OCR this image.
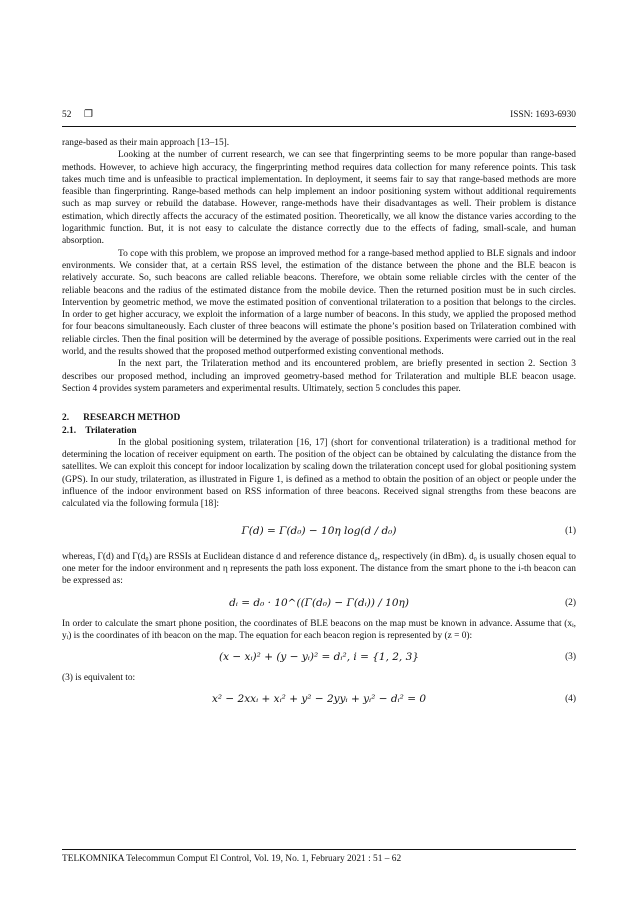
52 ❐	ISSN: 1693-6930

range-based as their main approach [13–15].

Looking at the number of current research, we can see that fingerprinting seems to be more popular than range-based methods. However, to achieve high accuracy, the fingerprinting method requires data collection for many reference points. This task takes much time and is unfeasible to practical implementation. In deployment, it seems fair to say that range-based methods are more feasible than fingerprinting. Range-based methods can help implement an indoor positioning system without additional requirements such as map survey or rebuild the database. However, range-methods have their disadvantages as well. Their problem is distance estimation, which directly affects the accuracy of the estimated position. Theoretically, we all know the distance varies according to the logarithmic function. But, it is not easy to calculate the distance correctly due to the effects of fading, small-scale, and human absorption.

To cope with this problem, we propose an improved method for a range-based method applied to BLE signals and indoor environments. We consider that, at a certain RSS level, the estimation of the distance between the phone and the BLE beacon is relatively accurate. So, such beacons are called reliable beacons. Therefore, we obtain some reliable circles with the center of the reliable beacons and the radius of the estimated distance from the mobile device. Then the returned position must be in such circles. Intervention by geometric method, we move the estimated position of conventional trilateration to a position that belongs to the circles. In order to get higher accuracy, we exploit the information of a large number of beacons. In this study, we applied the proposed method for four beacons simultaneously. Each cluster of three beacons will estimate the phone’s position based on Trilateration combined with reliable circles. Then the final position will be determined by the average of possible positions. Experiments were carried out in the real world, and the results showed that the proposed method outperformed existing conventional methods.

In the next part, the Trilateration method and its encountered problem, are briefly presented in section 2. Section 3 describes our proposed method, including an improved geometry-based method for Trilateration and multiple BLE beacon usage. Section 4 provides system parameters and experimental results. Ultimately, section 5 concludes this paper.

2.      RESEARCH METHOD

2.1.    Trilateration

In the global positioning system, trilateration [16, 17] (short for conventional trilateration) is a traditional method for determining the location of receiver equipment on earth. The position of the object can be obtained by calculating the distance from the satellites. We can exploit this concept for indoor localization by scaling down the trilateration concept used for global positioning system (GPS). In our study, trilateration, as illustrated in Figure 1, is defined as a method to obtain the position of an object or people under the influence of the indoor environment based on RSS information of three beacons. Received signal strengths from these beacons are calculated via the following formula [18]:

Γ(d) = Γ(d₀) − 10η log(d / d₀)	(1)

whereas, Γ(d) and Γ(d₀) are RSSIs at Euclidean distance d and reference distance d₀, respectively (in dBm). d₀ is usually chosen equal to one meter for the indoor environment and η represents the path loss exponent. The distance from the smart phone to the i-th beacon can be expressed as:

dᵢ = d₀ · 10^((Γ(d₀) − Γ(dᵢ)) / 10η)	(2)

In order to calculate the smart phone position, the coordinates of BLE beacons on the map must be known in advance. Assume that (xᵢ, yᵢ) is the coordinates of ith beacon on the map. The equation for each beacon region is represented by (z = 0):

(x − xᵢ)² + (y − yᵢ)² = dᵢ², i = {1, 2, 3}	(3)

(3) is equivalent to:

x² − 2xxᵢ + xᵢ² + y² − 2yyᵢ + yᵢ² − dᵢ² = 0	(4)
TELKOMNIKA Telecommun Comput El Control, Vol. 19, No. 1, February 2021 : 51 – 62
